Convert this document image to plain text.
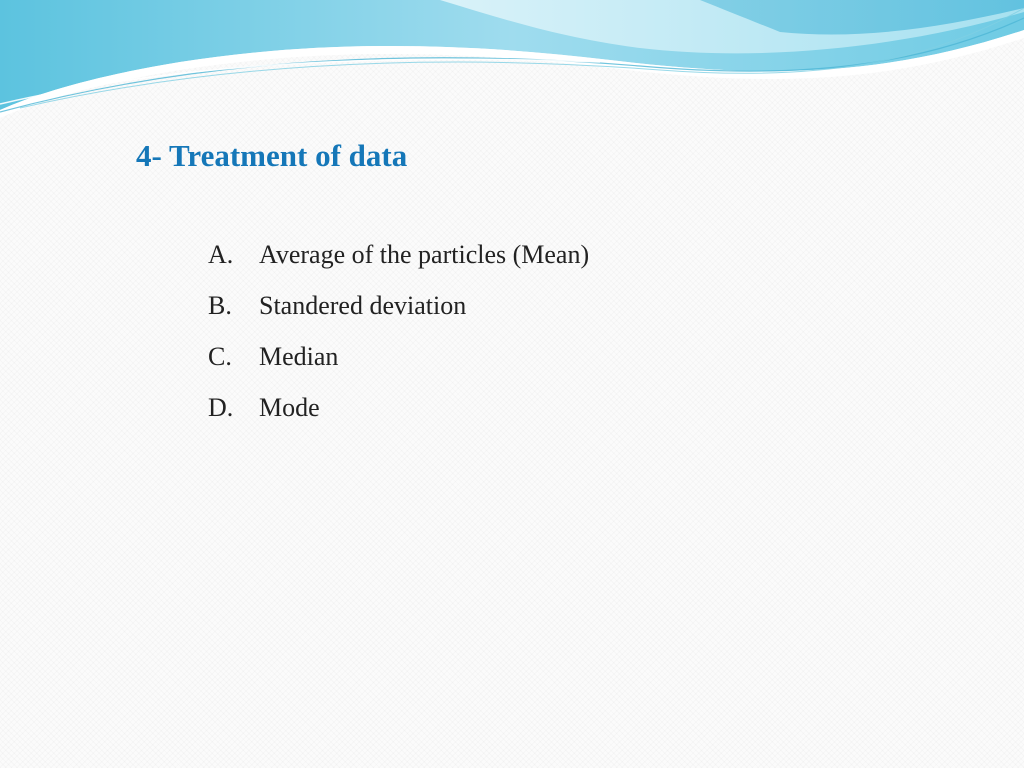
4- Treatment of data
A. Average of the particles (Mean)
B.	Standered deviation
C.	Median
D. Mode
